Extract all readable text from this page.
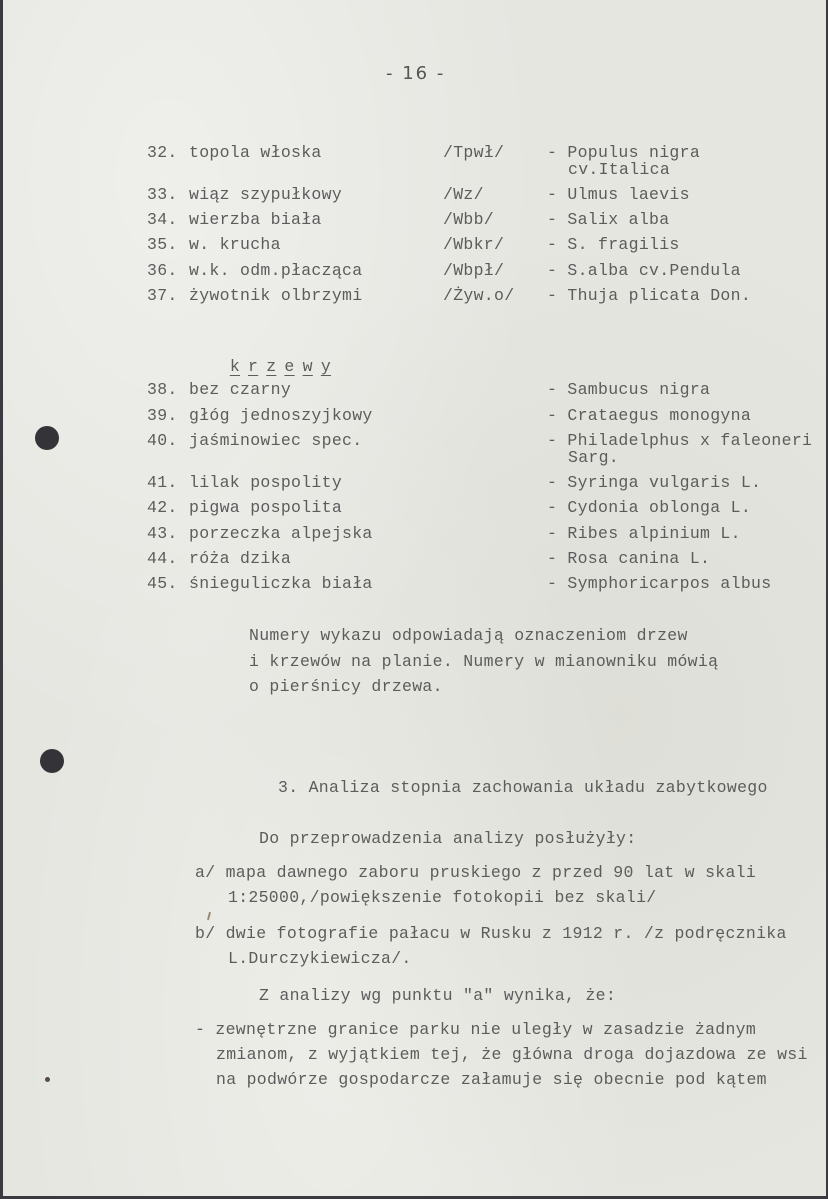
- 16 -
32. topola włoska	/Tpwł/	- Populus nigra
cv.Italica
33. wiąz szypułkowy	/Wz/	- Ulmus laevis
34. wierzba biała	/Wbb/	- Salix alba
35. w. krucha	/Wbkr/	- S. fragilis
36. w.k. odm.płacząca	/Wbpł/	- S.alba cv.Pendula
37. żywotnik olbrzymi	/Żyw.o/ - Thuja plicata Don.

k r z e w y

38. bez czarny	- Sambucus nigra
39. głóg jednoszyjkowy	- Crataegus monogyna
40. jaśminowiec spec.	- Philadelphus x faleoneri
Sarg.
41. lilak pospolity	- Syringa vulgaris L.
42. pigwa pospolita	- Cydonia oblonga L.
43. porzeczka alpejska	- Ribes alpinium L.
44. róża dzika	- Rosa canina L.
45. śnieguliczka biała	- Symphoricarpos albus
Numery wykazu odpowiadają oznaczeniom drzew
i krzewów na planie. Numery w mianowniku mówią
o pierśnicy drzewa.
3. Analiza stopnia zachowania układu zabytkowego
Do przeprowadzenia analizy posłużyły:
a/ mapa dawnego zaboru pruskiego z przed 90 lat w skali
1:25000,/powiększenie fotokopii bez skali/
b/ dwie fotografie pałacu w Rusku z 1912 r. /z podręcznika
L.Durczykiewicza/.
Z analizy wg punktu "a" wynika, że:
- zewnętrzne granice parku nie uległy w zasadzie żadnym
zmianom, z wyjątkiem tej, że główna droga dojazdowa ze wsi
na podwórze gospodarcze załamuje się obecnie pod kątem
